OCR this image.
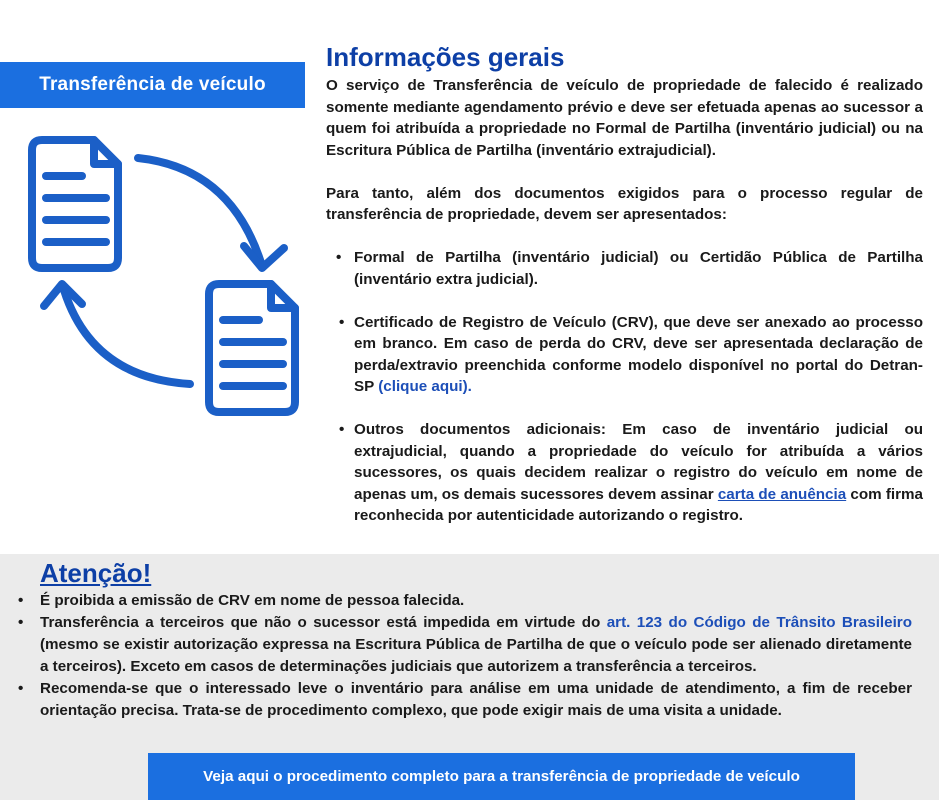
Transferência de veículo
Informações gerais

O serviço de Transferência de veículo de propriedade de falecido é realizado somente mediante agendamento prévio e deve ser efetuada apenas ao sucessor a quem foi atribuída a propriedade no Formal de Partilha (inventário judicial) ou na Escritura Pública de Partilha (inventário extrajudicial).

Para tanto, além dos documentos exigidos para o processo regular de transferência de propriedade, devem ser apresentados:

• Formal de Partilha (inventário judicial) ou Certidão Pública de Partilha (inventário extra judicial).
• Certificado de Registro de Veículo (CRV), que deve ser anexado ao processo em branco. Em caso de perda do CRV, deve ser apresentada declaração de perda/extravio preenchida conforme modelo disponível no portal do Detran-SP (clique aqui).
• Outros documentos adicionais: Em caso de inventário judicial ou extrajudicial, quando a propriedade do veículo for atribuída a vários sucessores, os quais decidem realizar o registro do veículo em nome de apenas um, os demais sucessores devem assinar carta de anuência com firma reconhecida por autenticidade autorizando o registro.
Atenção!
• É proibida a emissão de CRV em nome de pessoa falecida.
• Transferência a terceiros que não o sucessor está impedida em virtude do art. 123 do Código de Trânsito Brasileiro (mesmo se existir autorização expressa na Escritura Pública de Partilha de que o veículo pode ser alienado diretamente a terceiros). Exceto em casos de determinações judiciais que autorizem a transferência a terceiros.
• Recomenda-se que o interessado leve o inventário para análise em uma unidade de atendimento, a fim de receber orientação precisa. Trata-se de procedimento complexo, que pode exigir mais de uma visita a unidade.
Veja aqui o procedimento completo para a transferência de propriedade de veículo
